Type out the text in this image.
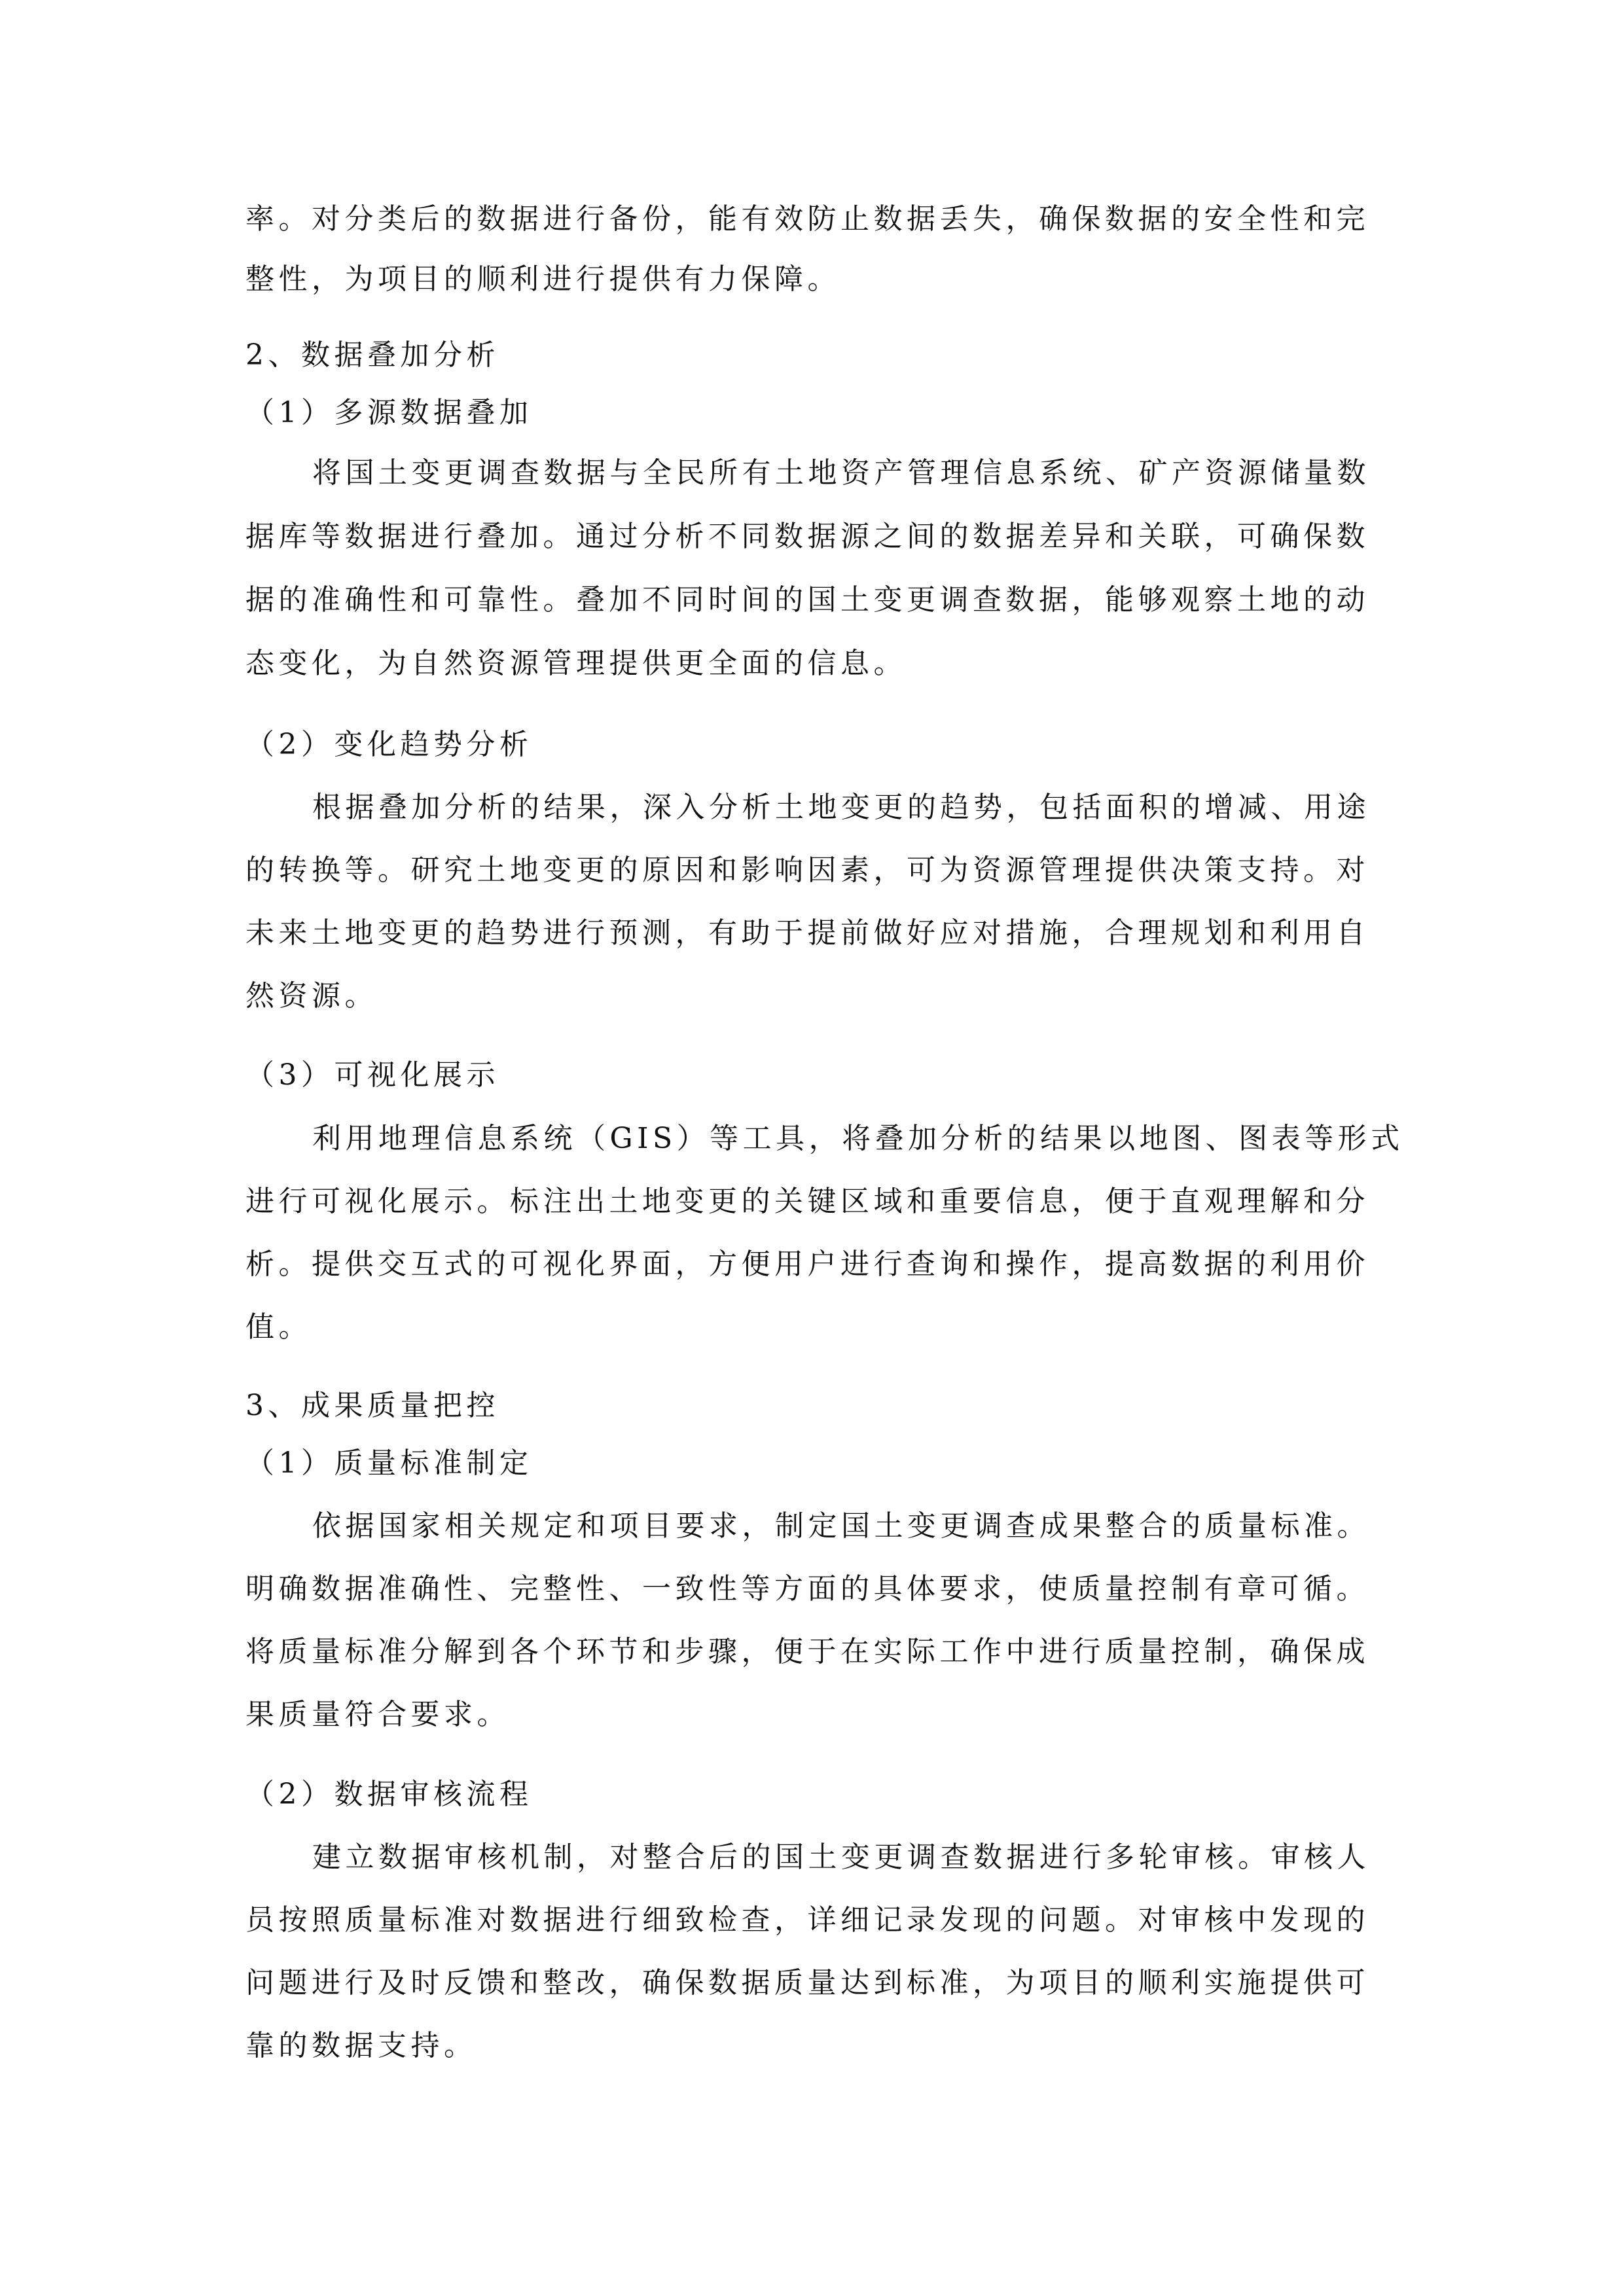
率。对分类后的数据进行备份，能有效防止数据丢失，确保数据的安全性和完
整性，为项目的顺利进行提供有力保障。
2、数据叠加分析
（1）多源数据叠加
将国土变更调查数据与全民所有土地资产管理信息系统、矿产资源储量数
据库等数据进行叠加。通过分析不同数据源之间的数据差异和关联，可确保数
据的准确性和可靠性。叠加不同时间的国土变更调查数据，能够观察土地的动
态变化，为自然资源管理提供更全面的信息。
（2）变化趋势分析
根据叠加分析的结果，深入分析土地变更的趋势，包括面积的增减、用途
的转换等。研究土地变更的原因和影响因素，可为资源管理提供决策支持。对
未来土地变更的趋势进行预测，有助于提前做好应对措施，合理规划和利用自
然资源。
（3）可视化展示
利用地理信息系统（GIS）等工具，将叠加分析的结果以地图、图表等形式
进行可视化展示。标注出土地变更的关键区域和重要信息，便于直观理解和分
析。提供交互式的可视化界面，方便用户进行查询和操作，提高数据的利用价
值。
3、成果质量把控
（1）质量标准制定
依据国家相关规定和项目要求，制定国土变更调查成果整合的质量标准。
明确数据准确性、完整性、一致性等方面的具体要求，使质量控制有章可循。
将质量标准分解到各个环节和步骤，便于在实际工作中进行质量控制，确保成
果质量符合要求。
（2）数据审核流程
建立数据审核机制，对整合后的国土变更调查数据进行多轮审核。审核人
员按照质量标准对数据进行细致检查，详细记录发现的问题。对审核中发现的
问题进行及时反馈和整改，确保数据质量达到标准，为项目的顺利实施提供可
靠的数据支持。
